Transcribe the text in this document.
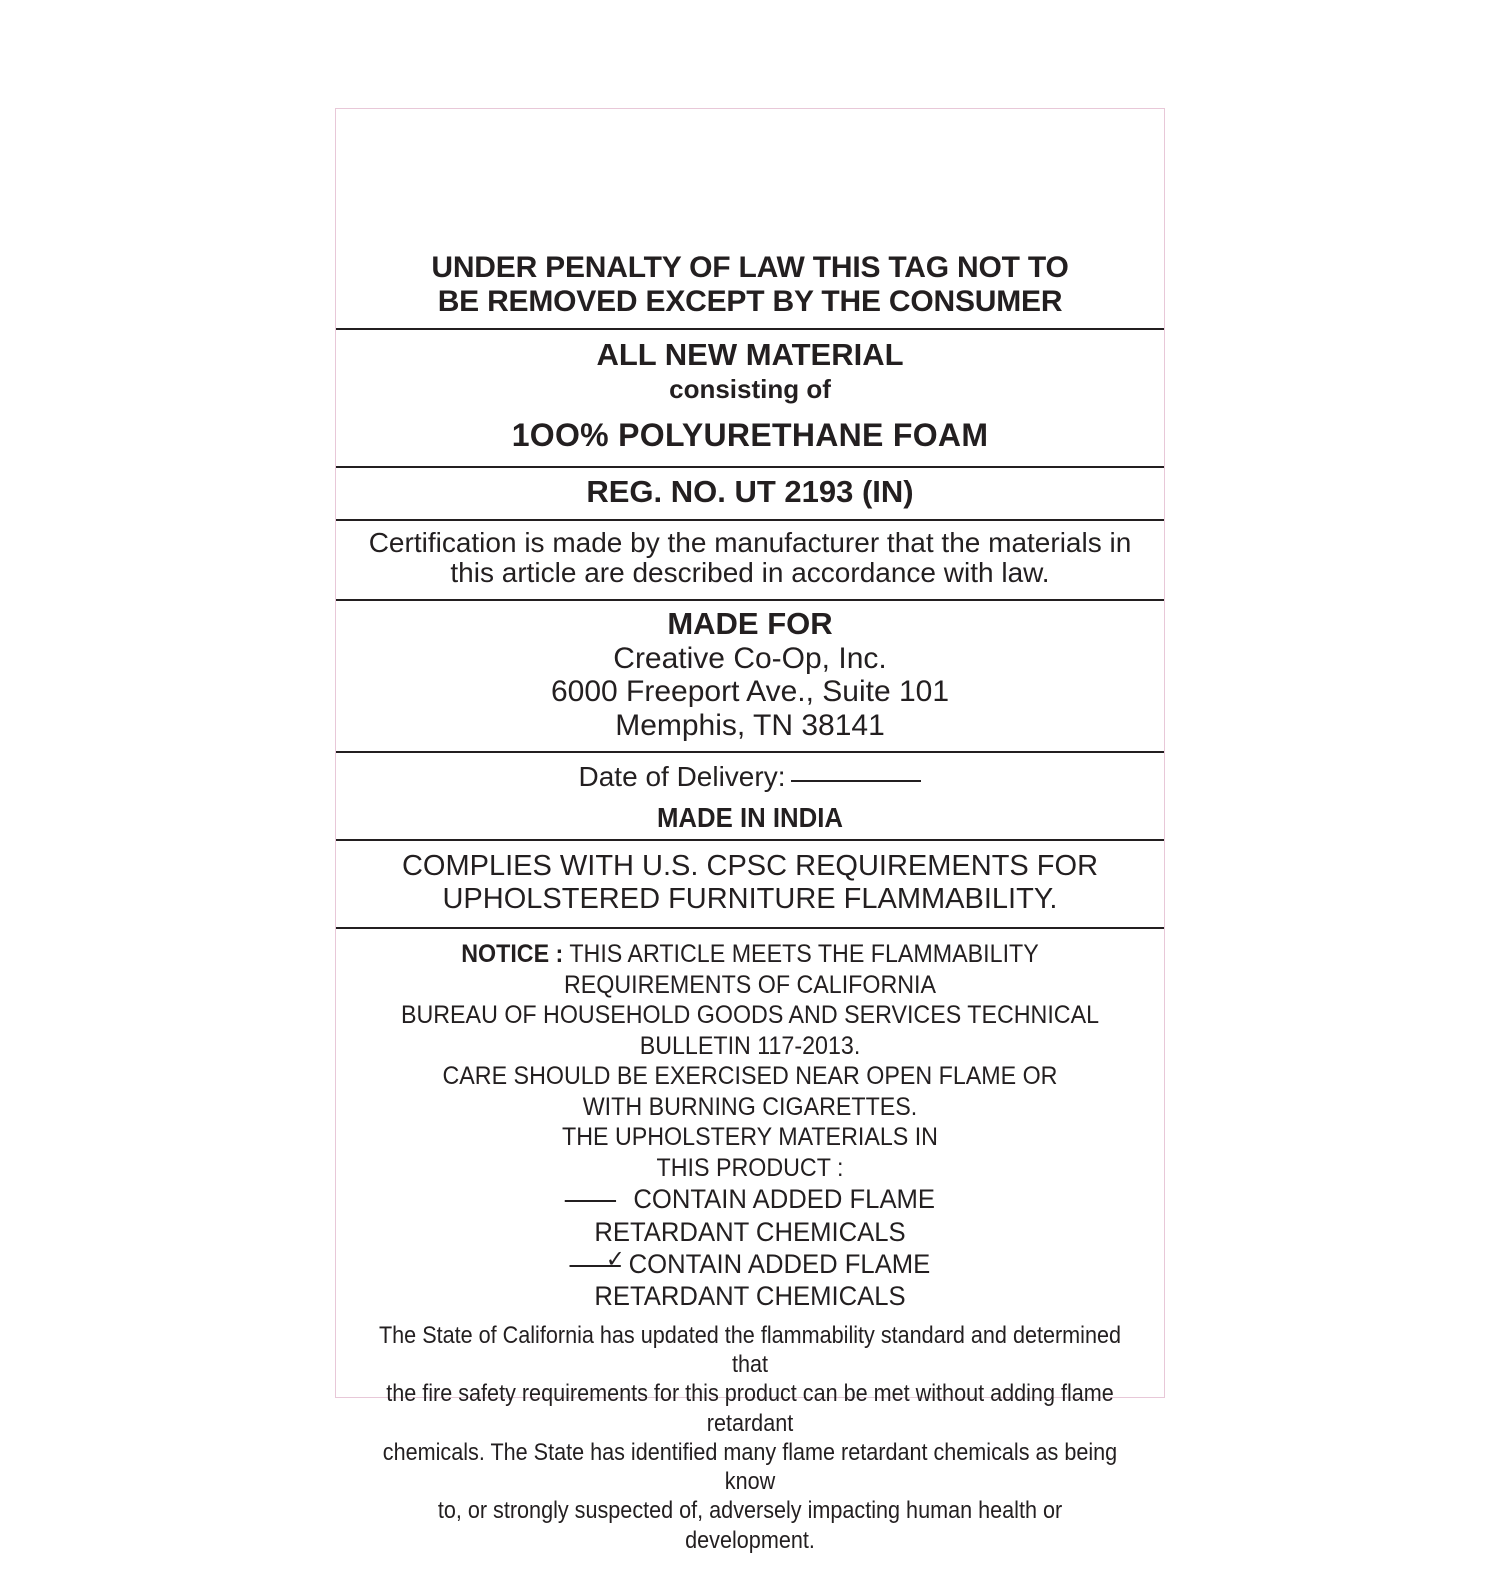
UNDER PENALTY OF LAW THIS TAG NOT TO
BE REMOVED EXCEPT BY THE CONSUMER
ALL NEW MATERIAL
consisting of
1OO% POLYURETHANE FOAM
REG. NO. UT 2193 (IN)
Certification is made by the manufacturer that the materials in
this article are described in accordance with law.
MADE FOR
Creative Co-Op, Inc.
6000 Freeport Ave., Suite 101
Memphis, TN 38141
Date of Delivery:
MADE IN INDIA
COMPLIES WITH U.S. CPSC REQUIREMENTS FOR
UPHOLSTERED FURNITURE FLAMMABILITY.
NOTICE : THIS ARTICLE MEETS THE FLAMMABILITY REQUIREMENTS OF CALIFORNIA
BUREAU OF HOUSEHOLD GOODS AND SERVICES TECHNICAL BULLETIN 117-2013.
CARE SHOULD BE EXERCISED NEAR OPEN FLAME OR
WITH BURNING CIGARETTES.
THE UPHOLSTERY MATERIALS IN
THIS PRODUCT :
CONTAIN ADDED FLAME
RETARDANT CHEMICALS
✓CONTAIN ADDED FLAME
RETARDANT CHEMICALS
The State of California has updated the flammability standard and determined that
the fire safety requirements for this product can be met without adding flame retardant
chemicals. The State has identified many flame retardant chemicals as being know
to, or strongly suspected of, adversely impacting human health or development.
